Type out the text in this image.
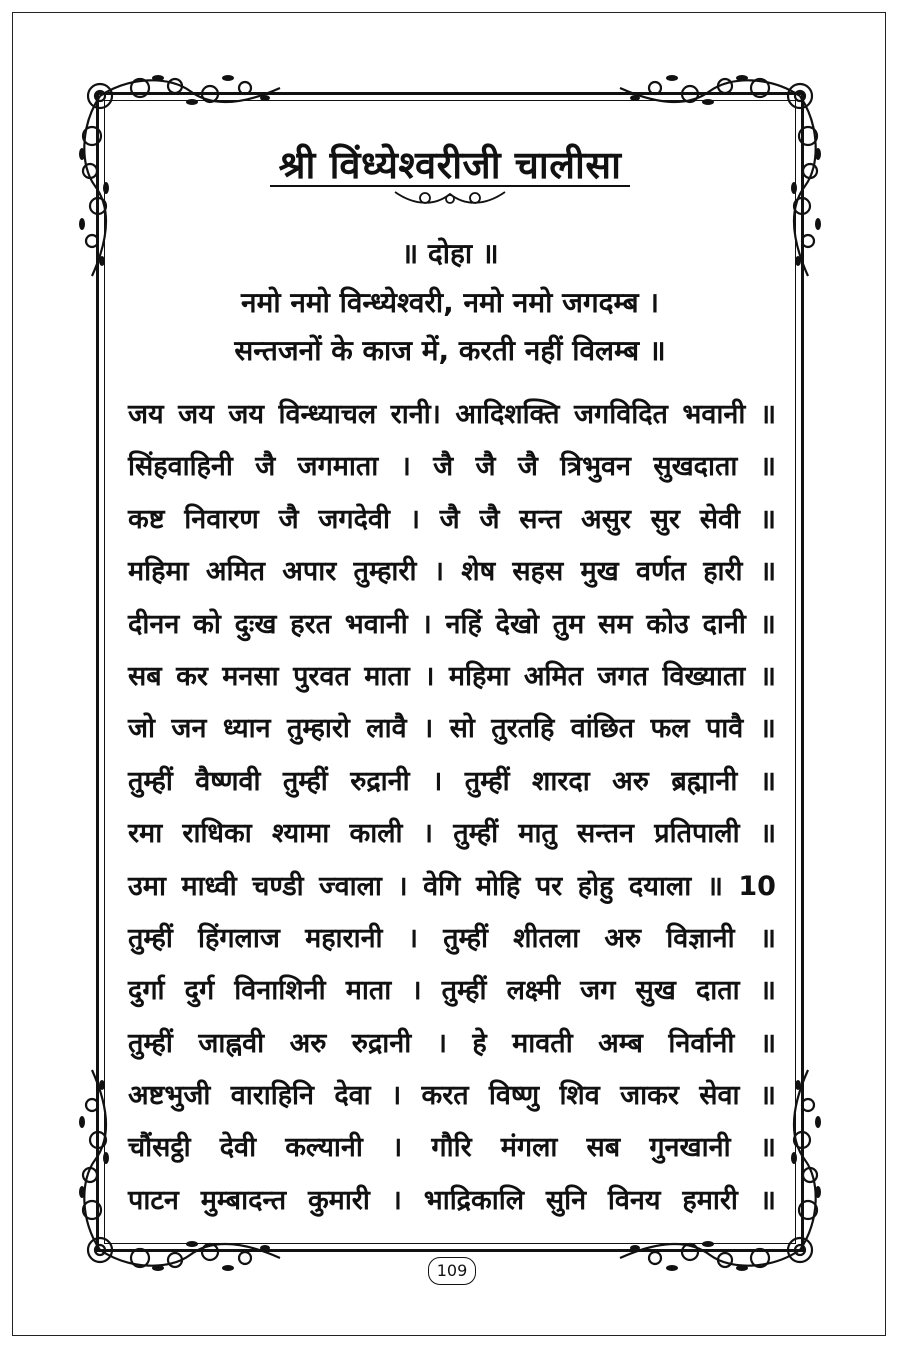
श्री विंध्येश्वरीजी चालीसा
॥ दोहा ॥
नमो नमो विन्ध्येश्वरी, नमो नमो जगदम्ब ।
सन्तजनों के काज में, करती नहीं विलम्ब ॥
जय जय जय विन्ध्याचल रानी। आदिशक्ति जगविदित भवानी ॥
सिंहवाहिनी जै जगमाता । जै जै जै त्रिभुवन सुखदाता ॥
कष्ट निवारण जै जगदेवी । जै जै सन्त असुर सुर सेवी ॥
महिमा अमित अपार तुम्हारी । शेष सहस मुख वर्णत हारी ॥
दीनन को दुःख हरत भवानी । नहिं देखो तुम सम कोउ दानी ॥
सब कर मनसा पुरवत माता । महिमा अमित जगत विख्याता ॥
जो जन ध्यान तुम्हारो लावै । सो तुरतहि वांछित फल पावै ॥
तुम्हीं वैष्णवी तुम्हीं रुद्रानी । तुम्हीं शारदा अरु ब्रह्मानी ॥
रमा राधिका श्यामा काली । तुम्हीं मातु सन्तन प्रतिपाली ॥
उमा माध्वी चण्डी ज्वाला । वेगि मोहि पर होहु दयाला ॥ 10
तुम्हीं हिंगलाज महारानी । तुम्हीं शीतला अरु विज्ञानी ॥
दुर्गा दुर्ग विनाशिनी माता । तुम्हीं लक्ष्मी जग सुख दाता ॥
तुम्हीं जाह्नवी अरु रुद्रानी । हे मावती अम्ब निर्वानी ॥
अष्टभुजी वाराहिनि देवा । करत विष्णु शिव जाकर सेवा ॥
चौंसट्ठी देवी कल्यानी । गौरि मंगला सब गुनखानी ॥
पाटन मुम्बादन्त कुमारी । भाद्रिकालि सुनि विनय हमारी ॥
109
